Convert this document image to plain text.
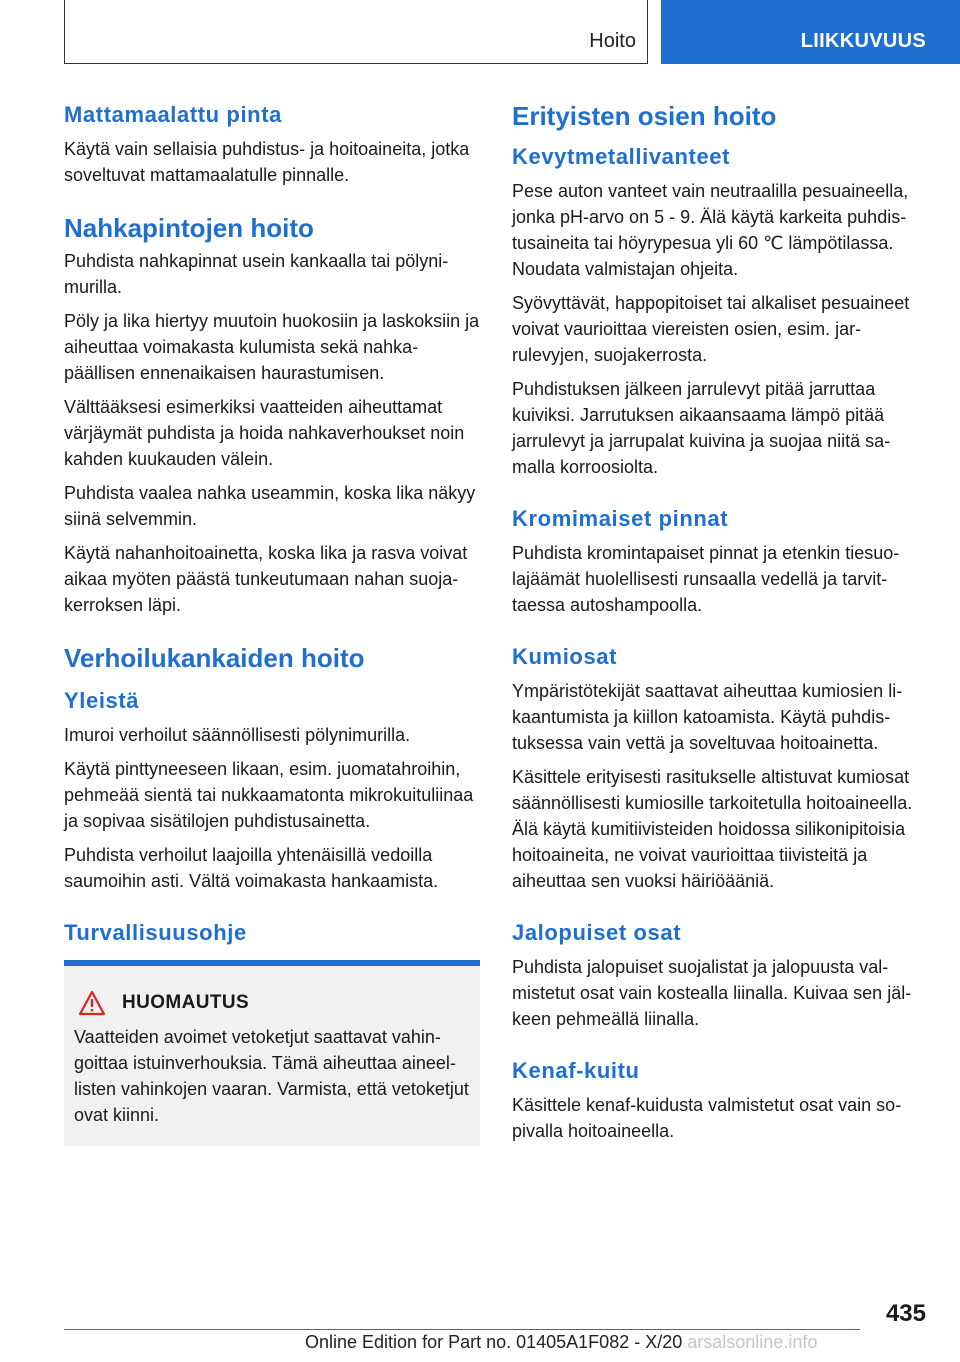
Hoito	LIIKKUVUUS
Mattamaalattu pinta

Käytä vain sellaisia puhdistus- ja hoitoaineita, jotka soveltuvat mattamaalatulle pinnalle.

Nahkapintojen hoito

Puhdista nahkapinnat usein kankaalla tai pölynimurilla.

Pöly ja lika hiertyy muutoin huokosiin ja laskoksiin ja aiheuttaa voimakasta kulumista sekä nahkapäällisen ennenaikaisen haurastumisen.

Välttääksesi esimerkiksi vaatteiden aiheuttamat värjäymät puhdista ja hoida nahkaverhoukset noin kahden kuukauden välein.

Puhdista vaalea nahka useammin, koska lika näkyy siinä selvemmin.

Käytä nahanhoitoainetta, koska lika ja rasva voivat aikaa myöten päästä tunkeutumaan nahan suojakerroksen läpi.

Verhoilukankaiden hoito
Yleistä

Imuroi verhoilut säännöllisesti pölynimurilla.

Käytä pinttyneeseen likaan, esim. juomatahroihin, pehmeää sientä tai nukkaamatonta mikrokuituliinaa ja sopivaa sisätilojen puhdistusainetta.

Puhdista verhoilut laajoilla yhtenäisillä vedoilla saumoihin asti. Vältä voimakasta hankaamista.

Turvallisuusohje
HUOMAUTUS

Vaatteiden avoimet vetoketjut saattavat vahingoittaa istuinverhouksia. Tämä aiheuttaa aineellisten vahinkojen vaaran. Varmista, että vetoketjut ovat kiinni.

Erityisten osien hoito
Kevytmetallivanteet

Pese auton vanteet vain neutraalilla pesuaineella, jonka pH-arvo on 5 - 9. Älä käytä karkeita puhdistusaineita tai höyrypesua yli 60 ℃ lämpötilassa. Noudata valmistajan ohjeita.

Syövyttävät, happopitoiset tai alkaliset pesuaineet voivat vaurioittaa viereisten osien, esim. jarrulevyjen, suojakerrosta.

Puhdistuksen jälkeen jarrulevyt pitää jarruttaa kuiviksi. Jarrutuksen aikaansaama lämpö pitää jarrulevyt ja jarrupalat kuivina ja suojaa niitä samalla korroosiolta.

Kromimaiset pinnat

Puhdista kromintapaiset pinnat ja etenkin tiesuolajäämät huolellisesti runsaalla vedellä ja tarvittaessa autoshampoolla.

Kumiosat

Ympäristötekijät saattavat aiheuttaa kumiosien likaantumista ja kiillon katoamista. Käytä puhdistuksessa vain vettä ja soveltuvaa hoitoainetta.

Käsittele erityisesti rasitukselle altistuvat kumiosat säännöllisesti kumiosille tarkoitetulla hoitoaineella. Älä käytä kumitiivisteiden hoidossa silikonipitoisia hoitoaineita, ne voivat vaurioittaa tiivisteitä ja aiheuttaa sen vuoksi häiriöääniä.

Jalopuiset osat

Puhdista jalopuiset suojalistat ja jalopuusta valmistetut osat vain kostealla liinalla. Kuivaa sen jälkeen pehmeällä liinalla.

Kenaf-kuitu

Käsittele kenaf-kuidusta valmistetut osat vain sopivalla hoitoaineella.

435
Online Edition for Part no. 01405A1F082 - X/20 arsalsonline.info
